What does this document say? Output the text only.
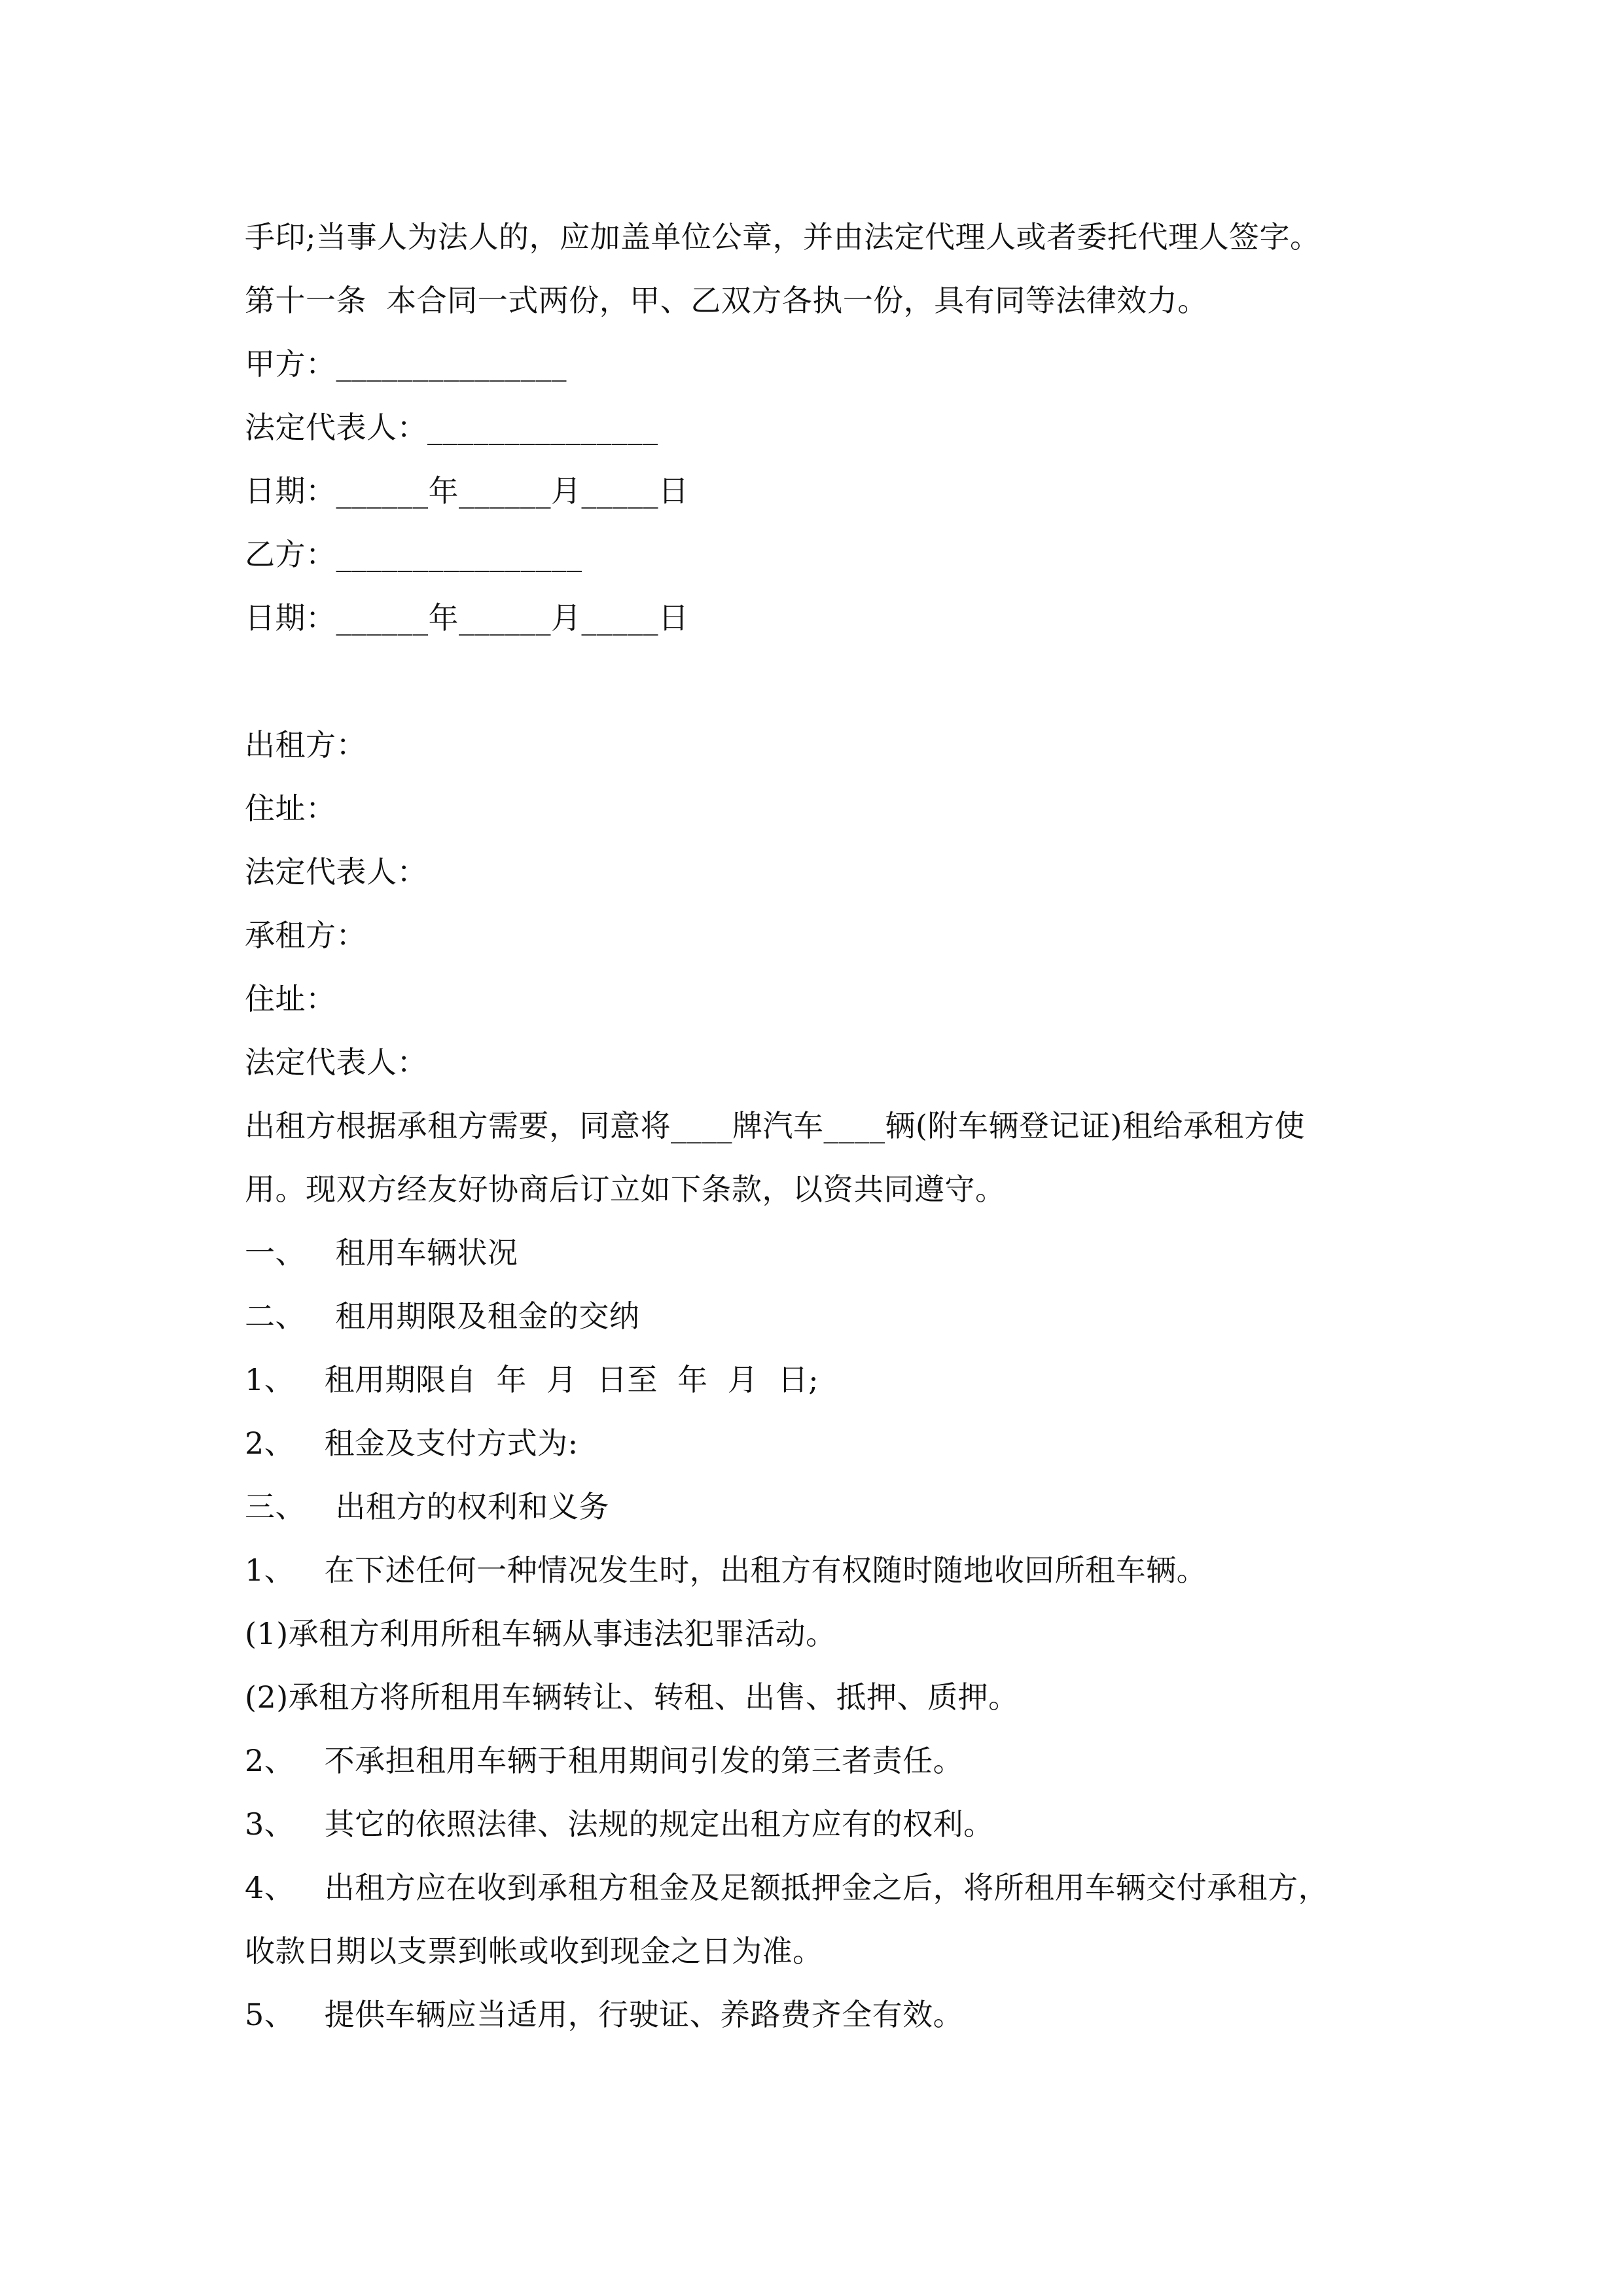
手印;当事人为法人的，应加盖单位公章，并由法定代理人或者委托代理人签字。
第十一条  本合同一式两份，甲、乙双方各执一份，具有同等法律效力。
甲方：_______________
法定代表人：_______________
日期：______年______月_____日
乙方：________________
日期：______年______月_____日
出租方：
住址：
法定代表人：
承租方：
住址：
法定代表人：
出租方根据承租方需要，同意将____牌汽车____辆(附车辆登记证)租给承租方使
用。现双方经友好协商后订立如下条款，以资共同遵守。
一、   租用车辆状况
二、   租用期限及租金的交纳
1、   租用期限自  年  月  日至  年  月  日;
2、   租金及支付方式为:
三、   出租方的权利和义务
1、   在下述任何一种情况发生时，出租方有权随时随地收回所租车辆。
(1)承租方利用所租车辆从事违法犯罪活动。
(2)承租方将所租用车辆转让、转租、出售、抵押、质押。
2、   不承担租用车辆于租用期间引发的第三者责任。
3、   其它的依照法律、法规的规定出租方应有的权利。
4、   出租方应在收到承租方租金及足额抵押金之后，将所租用车辆交付承租方，
收款日期以支票到帐或收到现金之日为准。
5、   提供车辆应当适用，行驶证、养路费齐全有效。
